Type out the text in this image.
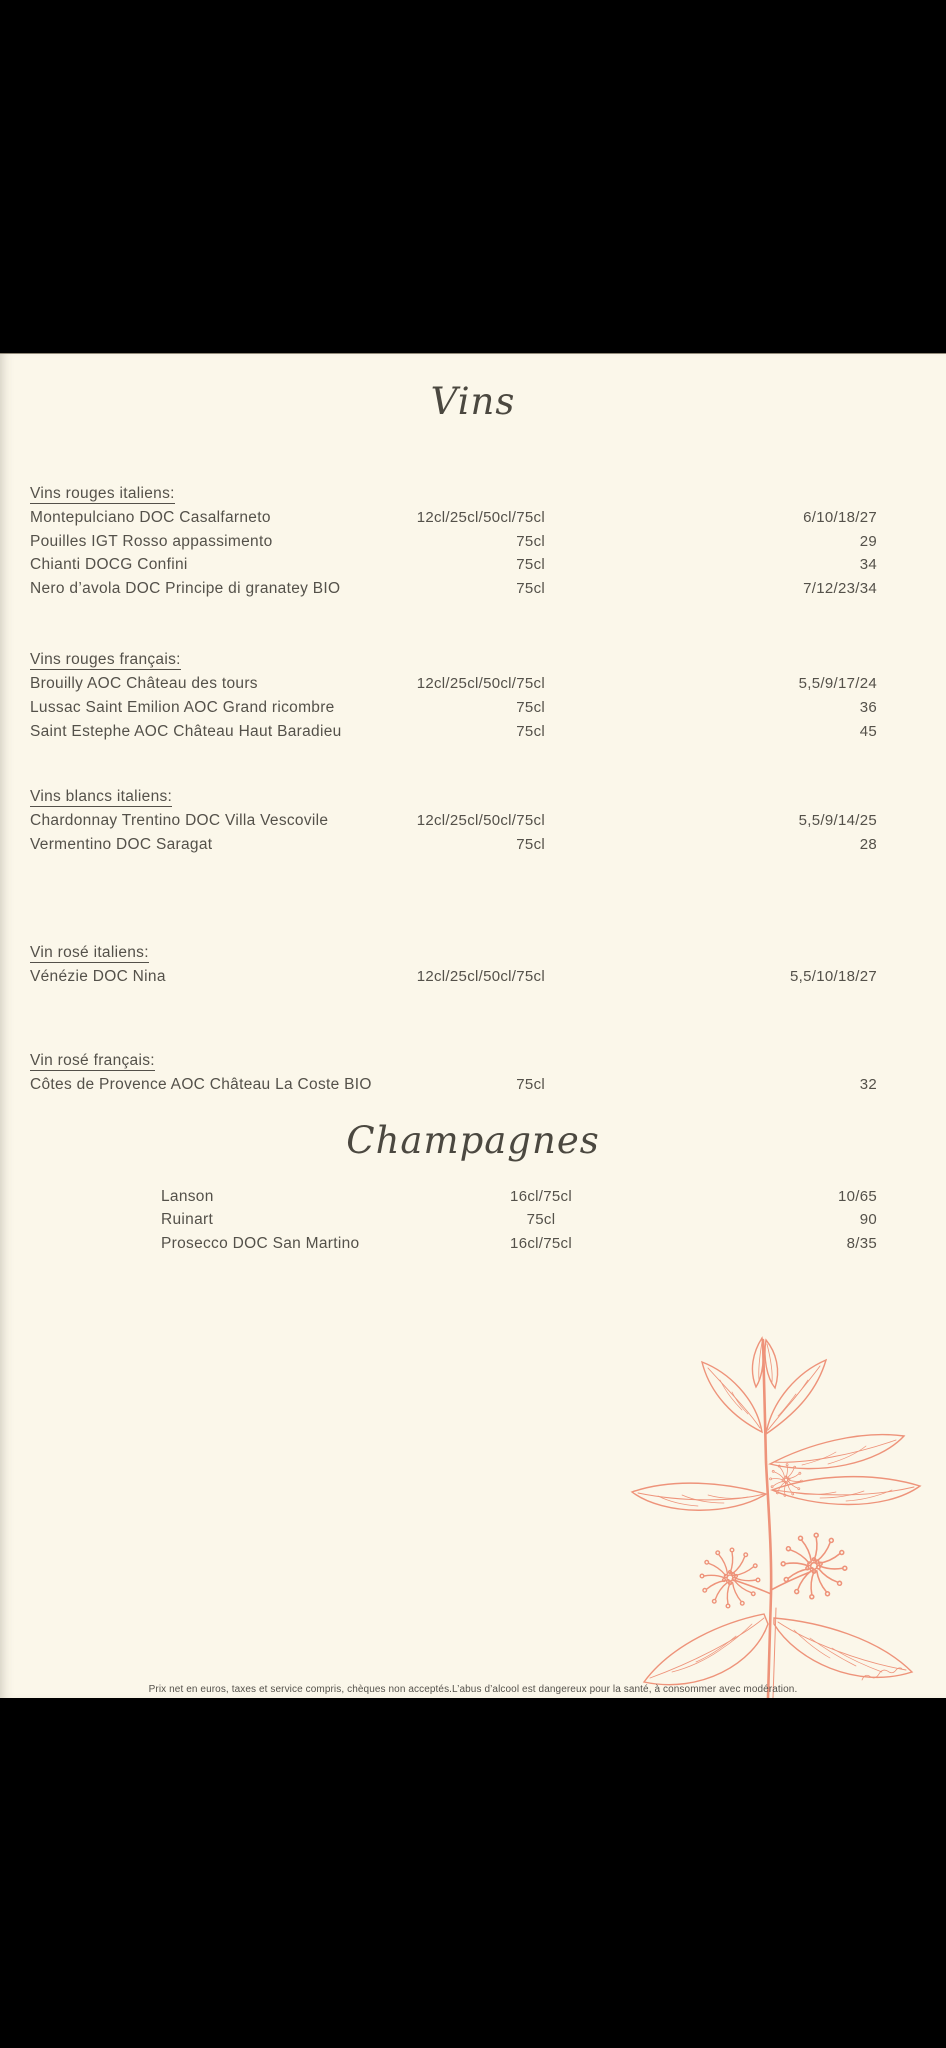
Vins
Vins rouges italiens:
Montepulciano DOC Casalfarneto	12cl/25cl/50cl/75cl	6/10/18/27
Pouilles IGT Rosso appassimento	75cl	29
Chianti DOCG Confini	75cl	34
Nero d’avola DOC Principe di granatey BIO	75cl	7/12/23/34
Vins rouges français:
Brouilly AOC Château des tours	12cl/25cl/50cl/75cl	5,5/9/17/24
Lussac Saint Emilion AOC Grand ricombre	75cl	36
Saint Estephe AOC Château Haut Baradieu	75cl	45
Vins blancs italiens:
Chardonnay Trentino DOC Villa Vescovile	12cl/25cl/50cl/75cl	5,5/9/14/25
Vermentino DOC Saragat	75cl	28
Vin rosé italiens:
Vénézie DOC Nina	12cl/25cl/50cl/75cl	5,5/10/18/27
Vin rosé français:
Côtes de Provence AOC Château La Coste BIO	75cl	32
Champagnes
Lanson	16cl/75cl	10/65
Ruinart	75cl	90
Prosecco DOC San Martino	16cl/75cl	8/35
Prix net en euros, taxes et service compris, chèques non acceptés.L’abus d’alcool est dangereux pour la santé, à consommer avec modération.
